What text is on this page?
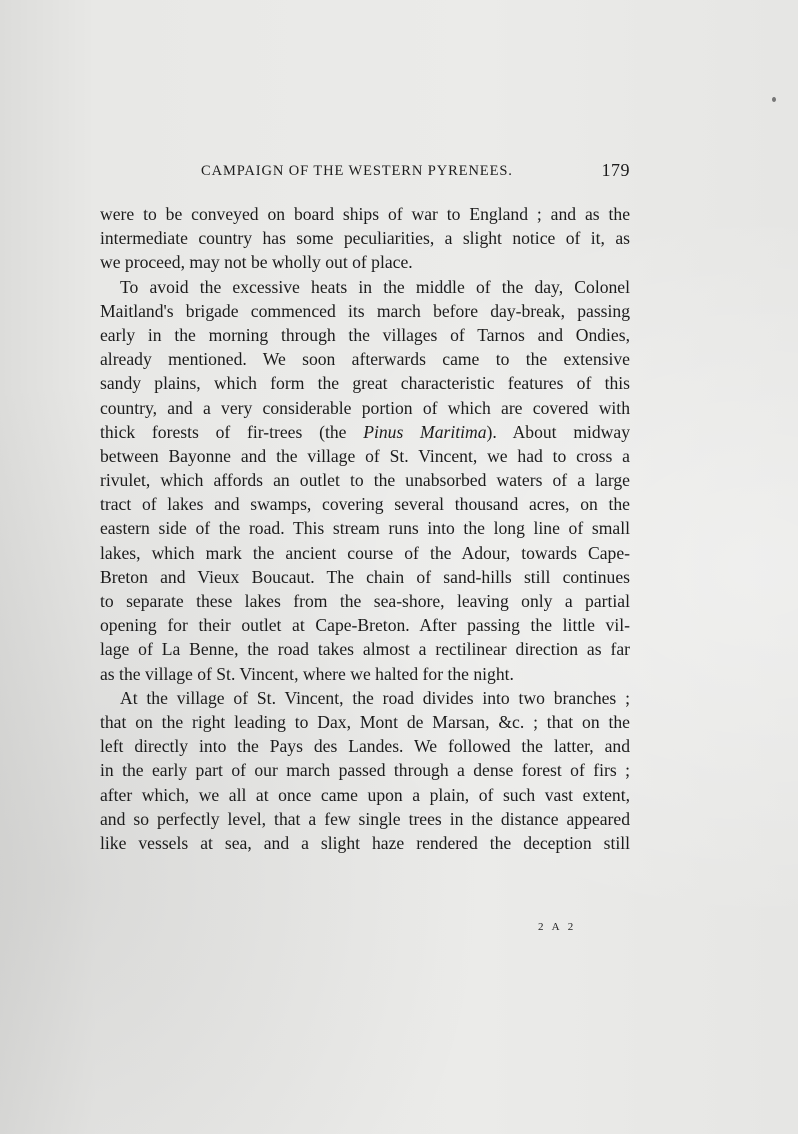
CAMPAIGN OF THE WESTERN PYRENEES.	179
were to be conveyed on board ships of war to England ; and as the
intermediate country has some peculiarities, a slight notice of it, as
we proceed, may not be wholly out of place.
To avoid the excessive heats in the middle of the day, Colonel
Maitland's brigade commenced its march before day-break, passing
early in the morning through the villages of Tarnos and Ondies,
already mentioned. We soon afterwards came to the extensive
sandy plains, which form the great characteristic features of this
country, and a very considerable portion of which are covered with
thick forests of fir-trees (the Pinus Maritima). About midway
between Bayonne and the village of St. Vincent, we had to cross a
rivulet, which affords an outlet to the unabsorbed waters of a large
tract of lakes and swamps, covering several thousand acres, on the
eastern side of the road. This stream runs into the long line of small
lakes, which mark the ancient course of the Adour, towards Cape-
Breton and Vieux Boucaut. The chain of sand-hills still continues
to separate these lakes from the sea-shore, leaving only a partial
opening for their outlet at Cape-Breton. After passing the little vil-
lage of La Benne, the road takes almost a rectilinear direction as far
as the village of St. Vincent, where we halted for the night.
At the village of St. Vincent, the road divides into two branches ;
that on the right leading to Dax, Mont de Marsan, &c. ; that on the
left directly into the Pays des Landes. We followed the latter, and
in the early part of our march passed through a dense forest of firs ;
after which, we all at once came upon a plain, of such vast extent,
and so perfectly level, that a few single trees in the distance appeared
like vessels at sea, and a slight haze rendered the deception still
2 A 2
